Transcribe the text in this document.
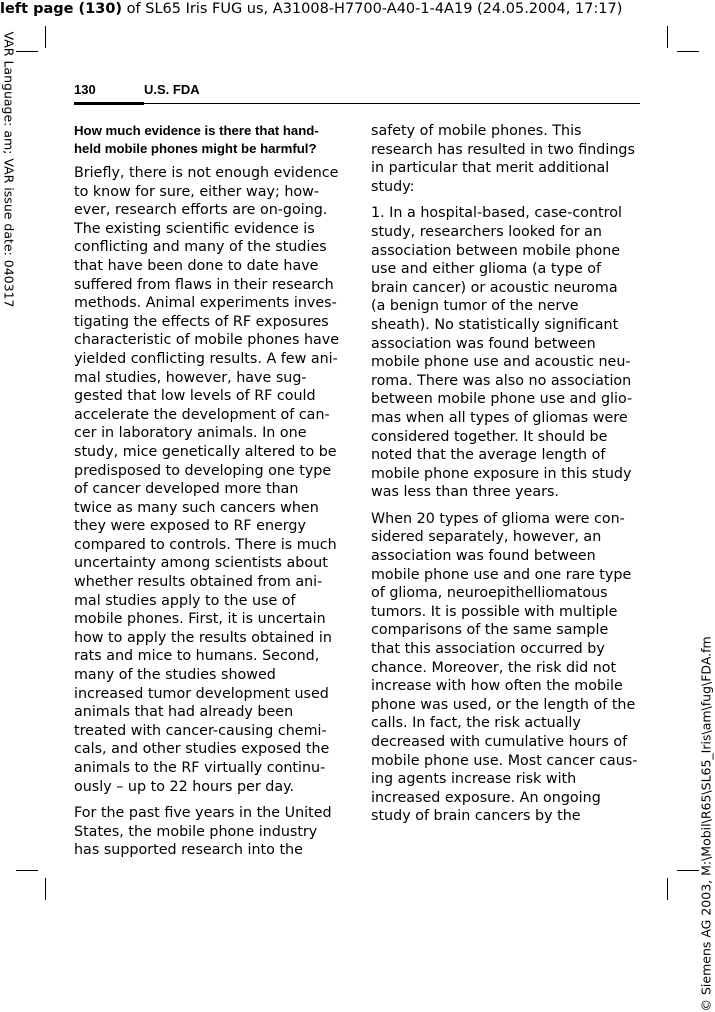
left page (130) of SL65 Iris FUG us, A31008-H7700-A40-1-4A19 (24.05.2004, 17:17)
VAR Language: am; VAR issue date: 040317
© Siemens AG 2003, M:\Mobil\R65\SL65_Iris\am\fug\FDA.fm
130	U.S. FDA
How much evidence is there that hand-
held mobile phones might be harmful?

Briefly, there is not enough evidence
to know for sure, either way; how-
ever, research efforts are on-going.
The existing scientific evidence is
conflicting and many of the studies
that have been done to date have
suffered from flaws in their research
methods. Animal experiments inves-
tigating the effects of RF exposures
characteristic of mobile phones have
yielded conflicting results. A few ani-
mal studies, however, have sug-
gested that low levels of RF could
accelerate the development of can-
cer in laboratory animals. In one
study, mice genetically altered to be
predisposed to developing one type
of cancer developed more than
twice as many such cancers when
they were exposed to RF energy
compared to controls. There is much
uncertainty among scientists about
whether results obtained from ani-
mal studies apply to the use of
mobile phones. First, it is uncertain
how to apply the results obtained in
rats and mice to humans. Second,
many of the studies showed
increased tumor development used
animals that had already been
treated with cancer-causing chemi-
cals, and other studies exposed the
animals to the RF virtually continu-
ously – up to 22 hours per day.

For the past five years in the United
States, the mobile phone industry
has supported research into the

safety of mobile phones. This
research has resulted in two findings
in particular that merit additional
study:

1. In a hospital-based, case-control
study, researchers looked for an
association between mobile phone
use and either glioma (a type of
brain cancer) or acoustic neuroma
(a benign tumor of the nerve
sheath). No statistically significant
association was found between
mobile phone use and acoustic neu-
roma. There was also no association
between mobile phone use and glio-
mas when all types of gliomas were
considered together. It should be
noted that the average length of
mobile phone exposure in this study
was less than three years.

When 20 types of glioma were con-
sidered separately, however, an
association was found between
mobile phone use and one rare type
of glioma, neuroepithelliomatous
tumors. It is possible with multiple
comparisons of the same sample
that this association occurred by
chance. Moreover, the risk did not
increase with how often the mobile
phone was used, or the length of the
calls. In fact, the risk actually
decreased with cumulative hours of
mobile phone use. Most cancer caus-
ing agents increase risk with
increased exposure. An ongoing
study of brain cancers by the
